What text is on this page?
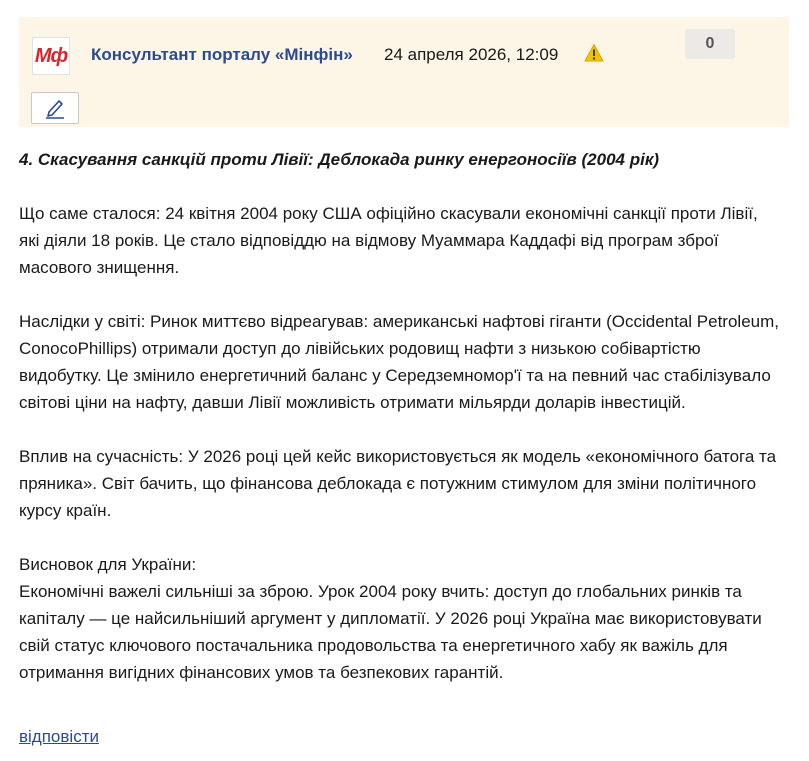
Мф Консультант порталу «Мінфін» 24 апреля 2026, 12:09
0

4. Скасування санкцій проти Лівії: Деблокада ринку енергоносіїв (2004 рік)

Що саме сталося: 24 квітня 2004 року США офіційно скасували економічні санкції проти Лівії, які діяли 18 років. Це стало відповіддю на відмову Муаммара Каддафі від програм зброї масового знищення.

Наслідки у світі: Ринок миттєво відреагував: американські нафтові гіганти (Occidental Petroleum, ConocoPhillips) отримали доступ до лівійських родовищ нафти з низькою собівартістю видобутку. Це змінило енергетичний баланс у Середземномор'ї та на певний час стабілізувало світові ціни на нафту, давши Лівії можливість отримати мільярди доларів інвестицій.

Вплив на сучасність: У 2026 році цей кейс використовується як модель «економічного батога та пряника». Світ бачить, що фінансова деблокада є потужним стимулом для зміни політичного курсу країн.

Висновок для України:

Економічні важелі сильніші за зброю. Урок 2004 року вчить: доступ до глобальних ринків та капіталу — це найсильніший аргумент у дипломатії. У 2026 році Україна має використовувати свій статус ключового постачальника продовольства та енергетичного хабу як важіль для отримання вигідних фінансових умов та безпекових гарантій.

відповісти
